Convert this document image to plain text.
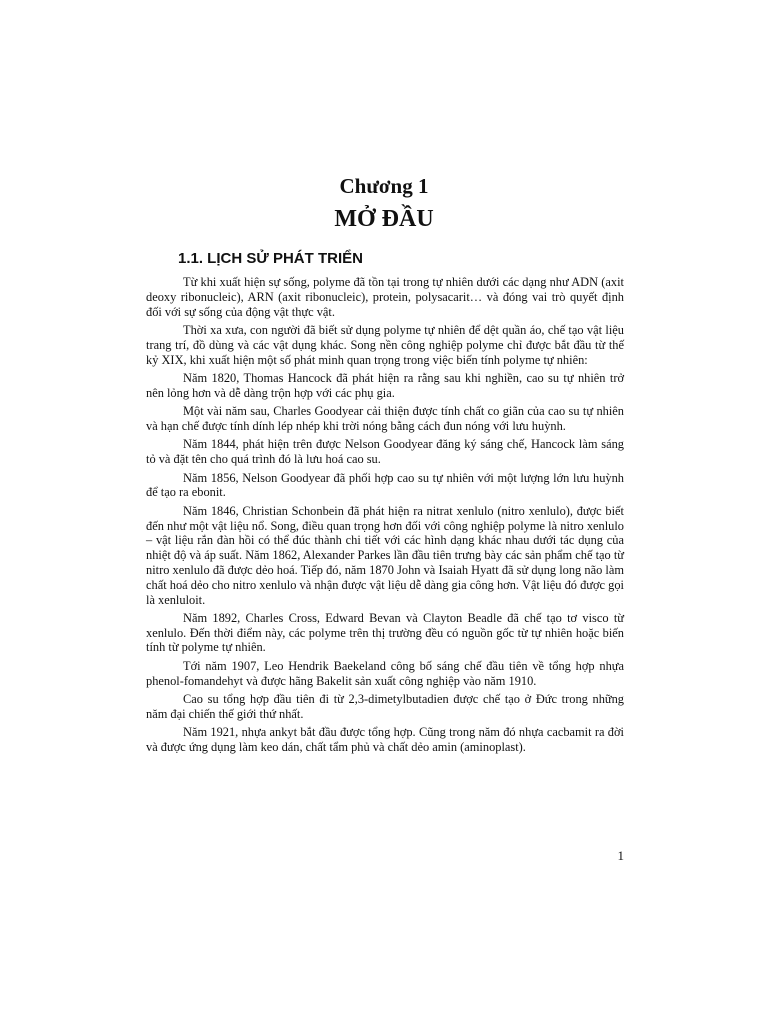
Chương 1
MỞ ĐẦU
1.1. LỊCH SỬ PHÁT TRIỂN

Từ khi xuất hiện sự sống, polyme đã tồn tại trong tự nhiên dưới các dạng như ADN (axit deoxy ribonucleic), ARN (axit ribonucleic), protein, polysacarit… và đóng vai trò quyết định đối với sự sống của động vật thực vật.

Thời xa xưa, con người đã biết sử dụng polyme tự nhiên để dệt quần áo, chế tạo vật liệu trang trí, đồ dùng và các vật dụng khác. Song nền công nghiệp polyme chỉ được bắt đầu từ thế kỷ XIX, khi xuất hiện một số phát minh quan trọng trong việc biến tính polyme tự nhiên:

Năm 1820, Thomas Hancock đã phát hiện ra rằng sau khi nghiền, cao su tự nhiên trở nên lỏng hơn và dễ dàng trộn hợp với các phụ gia.

Một vài năm sau, Charles Goodyear cải thiện được tính chất co giãn của cao su tự nhiên và hạn chế được tính dính lép nhép khi trời nóng bằng cách đun nóng với lưu huỳnh.

Năm 1844, phát hiện trên được Nelson Goodyear đăng ký sáng chế, Hancock làm sáng tỏ và đặt tên cho quá trình đó là lưu hoá cao su.

Năm 1856, Nelson Goodyear đã phối hợp cao su tự nhiên với một lượng lớn lưu huỳnh để tạo ra ebonit.

Năm 1846, Christian Schonbein đã phát hiện ra nitrat xenlulo (nitro xenlulo), được biết đến như một vật liệu nổ. Song, điều quan trọng hơn đối với công nghiệp polyme là nitro xenlulo – vật liệu rắn đàn hồi có thể đúc thành chi tiết với các hình dạng khác nhau dưới tác dụng của nhiệt độ và áp suất. Năm 1862, Alexander Parkes lần đầu tiên trưng bày các sản phẩm chế tạo từ nitro xenlulo đã được dẻo hoá. Tiếp đó, năm 1870 John và Isaiah Hyatt đã sử dụng long não làm chất hoá dẻo cho nitro xenlulo và nhận được vật liệu dễ dàng gia công hơn. Vật liệu đó được gọi là xenluloit.

Năm 1892, Charles Cross, Edward Bevan và Clayton Beadle đã chế tạo tơ visco từ xenlulo. Đến thời điểm này, các polyme trên thị trường đều có nguồn gốc từ tự nhiên hoặc biến tính từ polyme tự nhiên.

Tới năm 1907, Leo Hendrik Baekeland công bố sáng chế đầu tiên về tổng hợp nhựa phenol-fomandehyt và được hãng Bakelit sản xuất công nghiệp vào năm 1910.

Cao su tổng hợp đầu tiên đi từ 2,3-dimetylbutadien được chế tạo ở Đức trong những năm đại chiến thế giới thứ nhất.

Năm 1921, nhựa ankyt bắt đầu được tổng hợp. Cũng trong năm đó nhựa cacbamit ra đời và được ứng dụng làm keo dán, chất tẩm phủ và chất dẻo amin (aminoplast).

1
